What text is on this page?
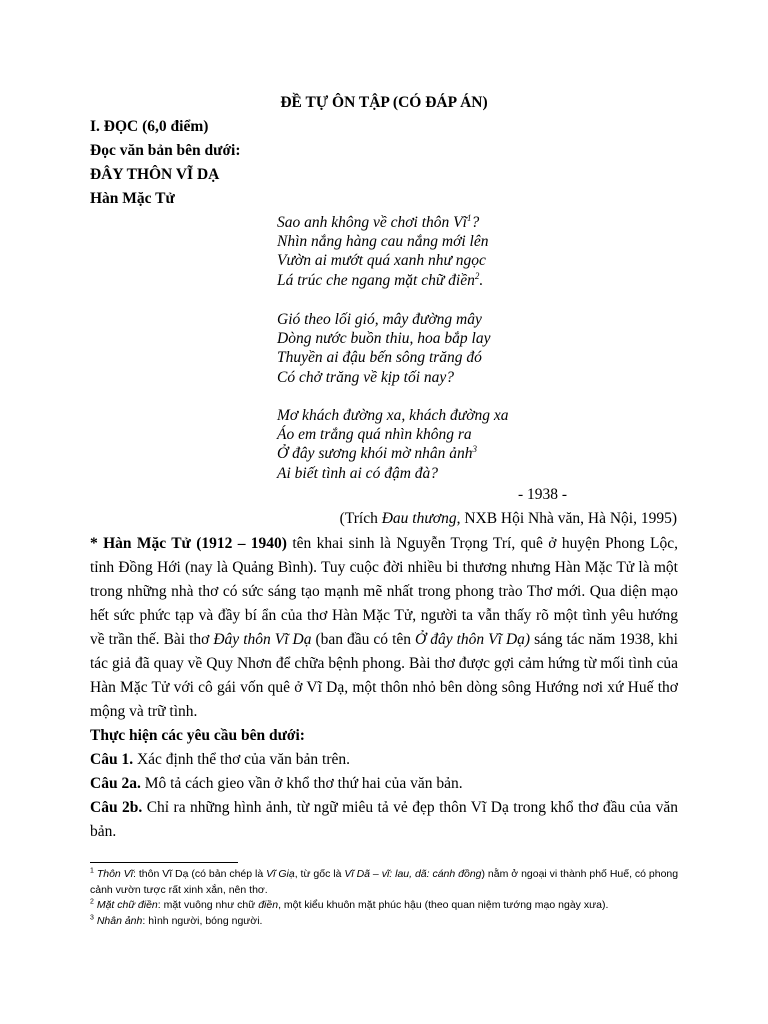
ĐỀ TỰ ÔN TẬP (CÓ ĐÁP ÁN)
I. ĐỌC (6,0 điểm)
Đọc văn bản bên dưới:
ĐÂY THÔN VĨ DẠ
Hàn Mặc Tử
Sao anh không về chơi thôn $Vĩ^1$?
Nhìn nắng hàng cau nắng mới lên
Vườn ai mướt quá xanh như ngọc
Lá trúc che ngang mặt chữ điền$^2$.
Gió theo lối gió, mây đường mây
Dòng nước buồn thiu, hoa bắp lay
Thuyền ai đậu bến sông trăng đó
Có chở trăng về kịp tối nay?
Mơ khách đường xa, khách đường xa
Áo em trắng quá nhìn không ra
Ở đây sương khói mờ nhân ảnh$^3$
Ai biết tình ai có đậm đà?
- 1938 -
(Trích Đau thương, NXB Hội Nhà văn, Hà Nội, 1995)
* Hàn Mặc Tử (1912 – 1940) tên khai sinh là Nguyễn Trọng Trí, quê ở huyện Phong Lộc, tỉnh Đồng Hới (nay là Quảng Bình). Tuy cuộc đời nhiều bi thương nhưng Hàn Mặc Tử là một trong những nhà thơ có sức sáng tạo mạnh mẽ nhất trong phong trào Thơ mới. Qua diện mạo hết sức phức tạp và đầy bí ẩn của thơ Hàn Mặc Tử, người ta vẫn thấy rõ một tình yêu hướng về trần thế. Bài thơ Đây thôn Vĩ Dạ (ban đầu có tên Ở đây thôn Vĩ Dạ) sáng tác năm 1938, khi tác giả đã quay về Quy Nhơn để chữa bệnh phong. Bài thơ được gợi cảm hứng từ mối tình của Hàn Mặc Tử với cô gái vốn quê ở Vĩ Dạ, một thôn nhỏ bên dòng sông Hướng nơi xứ Huế thơ mộng và trữ tình.
Thực hiện các yêu cầu bên dưới:
Câu 1. Xác định thể thơ của văn bản trên.
Câu 2a. Mô tả cách gieo vần ở khổ thơ thứ hai của văn bản.
Câu 2b. Chỉ ra những hình ảnh, từ ngữ miêu tả vẻ đẹp thôn Vĩ Dạ trong khổ thơ đầu của văn bản.
$^1$ Thôn Vĩ: thôn Vĩ Dạ (có bản chép là Vĩ Giạ, từ gốc là Vĩ Dã – vĩ: lau, dã: cánh đồng) nằm ở ngoại vi thành phố Huế, có phong cảnh vườn tược rất xinh xắn, nên thơ.
$^2$ Mặt chữ điền: mặt vuông như chữ điền, một kiểu khuôn mặt phúc hậu (theo quan niệm tướng mạo ngày xưa).
$^3$ Nhân ảnh: hình người, bóng người.
